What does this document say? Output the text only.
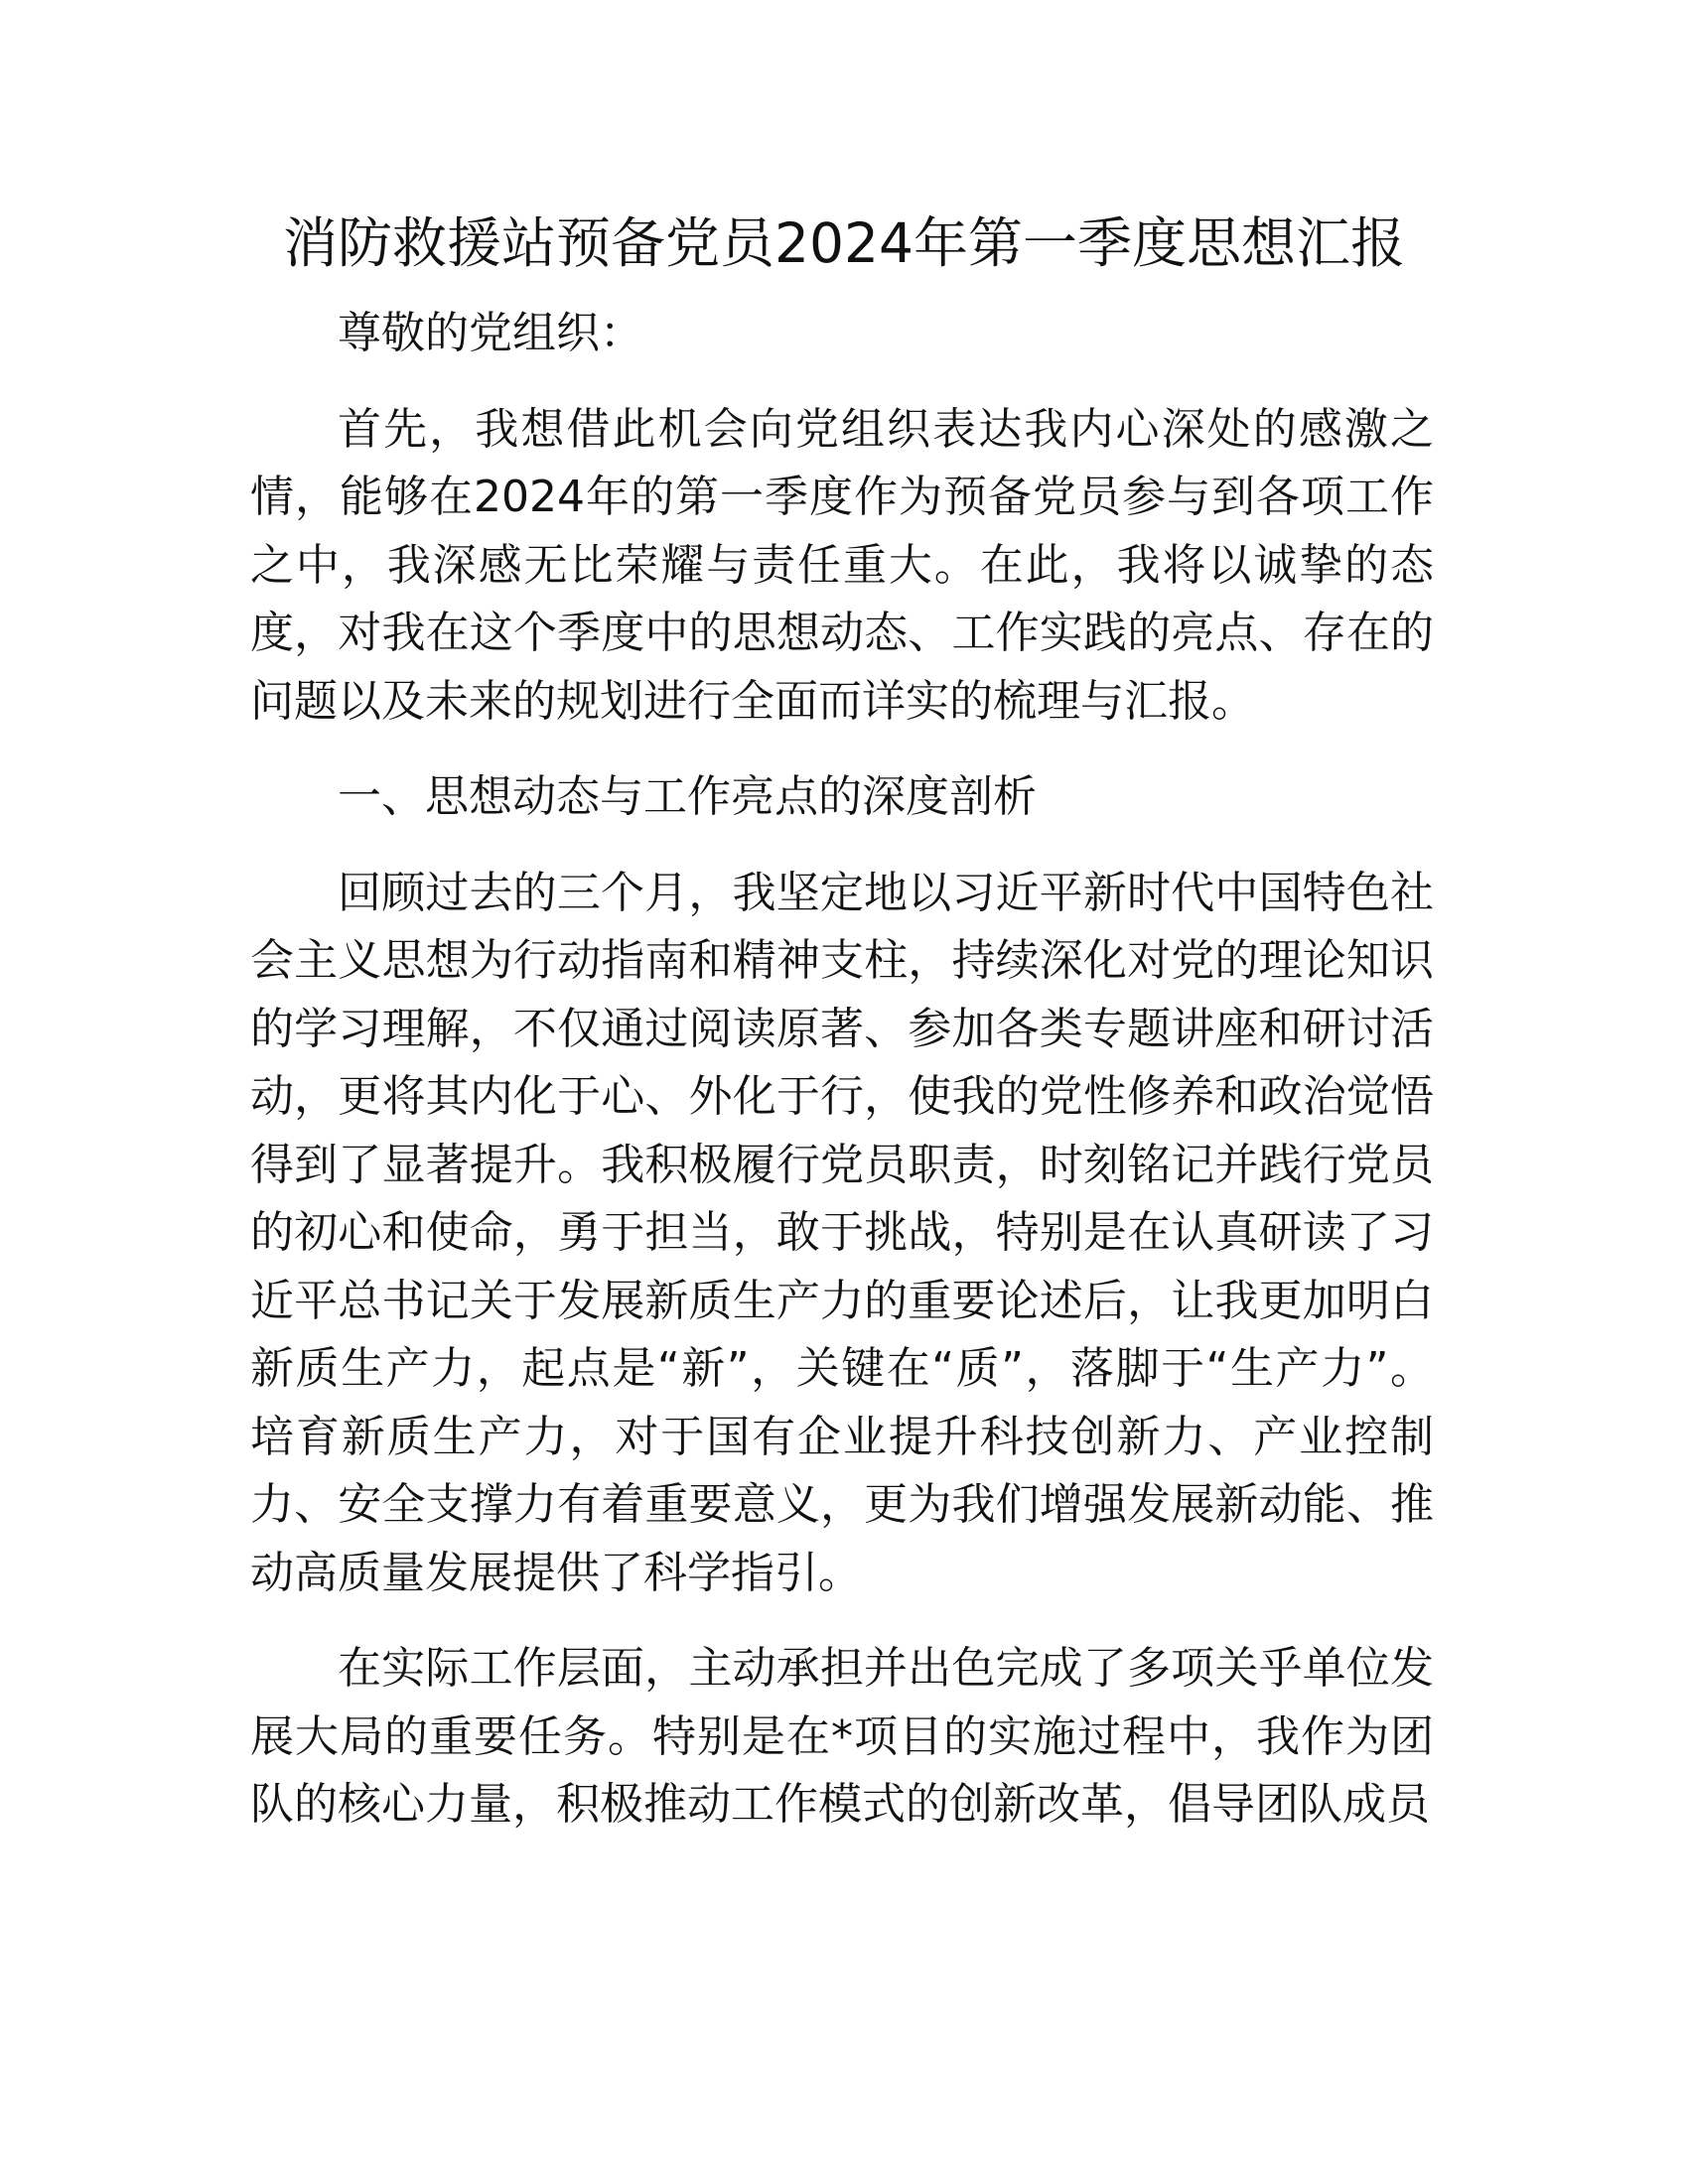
消防救援站预备党员2024年第一季度思想汇报

尊敬的党组织：

首先，我想借此机会向党组织表达我内心深处的感激之情，能够在2024年的第一季度作为预备党员参与到各项工作之中，我深感无比荣耀与责任重大。在此，我将以诚挚的态度，对我在这个季度中的思想动态、工作实践的亮点、存在的问题以及未来的规划进行全面而详实的梳理与汇报。

一、思想动态与工作亮点的深度剖析

回顾过去的三个月，我坚定地以习近平新时代中国特色社会主义思想为行动指南和精神支柱，持续深化对党的理论知识的学习理解，不仅通过阅读原著、参加各类专题讲座和研讨活动，更将其内化于心、外化于行，使我的党性修养和政治觉悟得到了显著提升。我积极履行党员职责，时刻铭记并践行党员的初心和使命，勇于担当，敢于挑战，特别是在认真研读了习近平总书记关于发展新质生产力的重要论述后，让我更加明白新质生产力，起点是“新”，关键在“质”，落脚于“生产力”。培育新质生产力，对于国有企业提升科技创新力、产业控制力、安全支撑力有着重要意义，更为我们增强发展新动能、推动高质量发展提供了科学指引。

在实际工作层面，主动承担并出色完成了多项关乎单位发展大局的重要任务。特别是在*项目的实施过程中，我作为团队的核心力量，积极推动工作模式的创新改革，倡导团队成员
